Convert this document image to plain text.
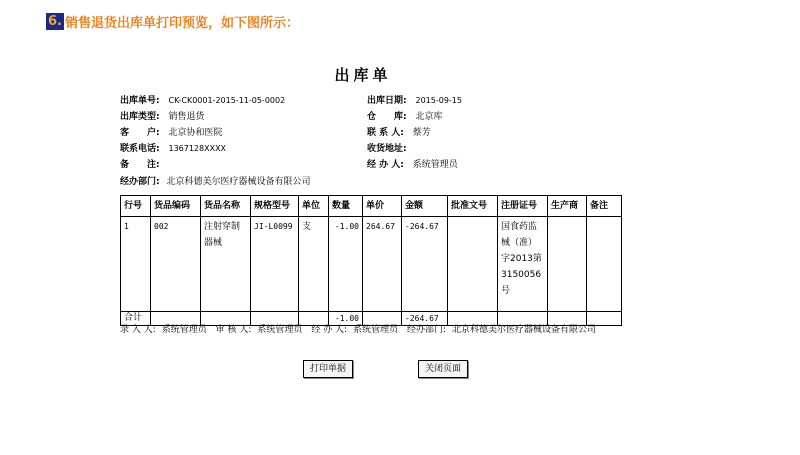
6. 销售退货出库单打印预览，如下图所示：
出库单
出库单号: CK-CK0001-2015-11-05-0002
出库类型: 销售退货
客　　户: 北京协和医院
联系电话: 1367128XXXX
备　　注:
经办部门: 北京科德美尔医疗器械设备有限公司
出库日期: 2015-09-15
仓　　库: 北京库
联 系 人: 蔡芳
收货地址:
经 办 人: 系统管理员
行号	货品编码	货品名称	规格型号	单位	数量	单价	金额	批准文号	注册证号	生产商	备注
1	002	注射穿制器械	JI-L0099	支	-1.00	264.67	-264.67		国食药监械（准）字2013第3150056号		
合计					-1.00		-264.67				
录 入 人: 系统管理员 审 核 人: 系统管理员 经 办 人: 系统管理员 经办部门: 北京科德美尔医疗器械设备有限公司
打印单据	关闭页面
